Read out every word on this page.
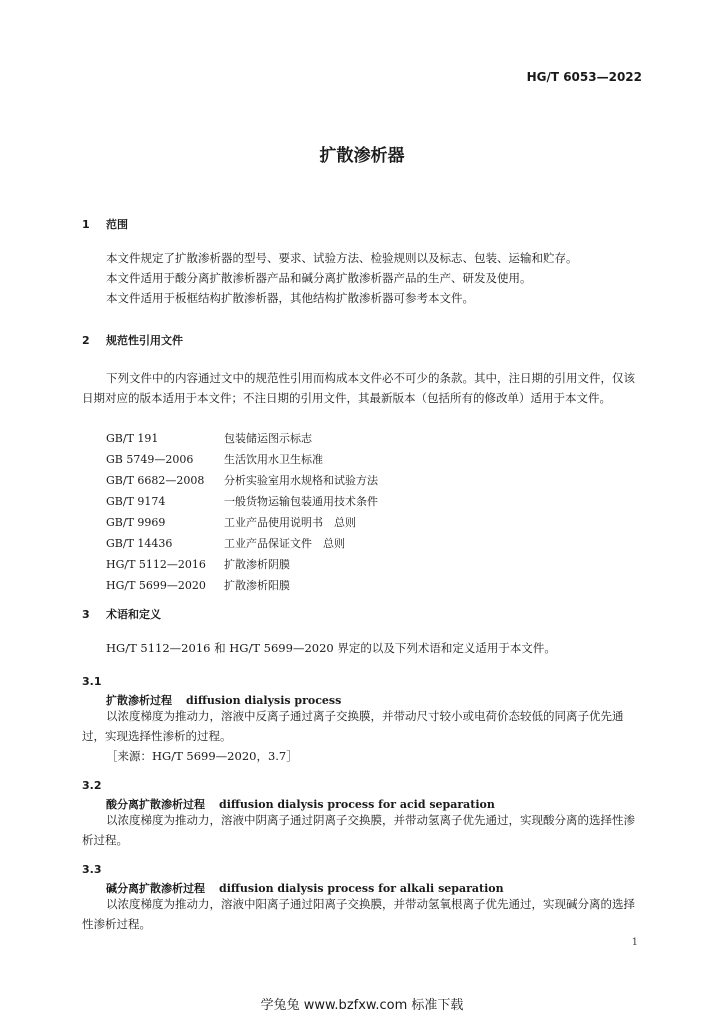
HG/T 6053—2022
扩散渗析器
1 范围
本文件规定了扩散渗析器的型号、要求、试验方法、检验规则以及标志、包装、运输和贮存。
本文件适用于酸分离扩散渗析器产品和碱分离扩散渗析器产品的生产、研发及使用。
本文件适用于板框结构扩散渗析器，其他结构扩散渗析器可参考本文件。
2 规范性引用文件
下列文件中的内容通过文中的规范性引用而构成本文件必不可少的条款。其中，注日期的引用文件，仅该日期对应的版本适用于本文件；不注日期的引用文件，其最新版本（包括所有的修改单）适用于本文件。
GB/T 191	包装储运图示标志
GB 5749—2006	生活饮用水卫生标准
GB/T 6682—2008 分析实验室用水规格和试验方法
GB/T 9174	一般货物运输包装通用技术条件
GB/T 9969	工业产品使用说明书　总则
GB/T 14436	工业产品保证文件　总则
HG/T 5112—2016 扩散渗析阴膜
HG/T 5699—2020 扩散渗析阳膜
3 术语和定义
HG/T 5112—2016 和 HG/T 5699—2020 界定的以及下列术语和定义适用于本文件。
3.1
扩散渗析过程 diffusion dialysis process
以浓度梯度为推动力，溶液中反离子通过离子交换膜，并带动尺寸较小或电荷价态较低的同离子优先通过，实现选择性渗析的过程。
［来源：HG/T 5699—2020，3.7］
3.2
酸分离扩散渗析过程 diffusion dialysis process for acid separation
以浓度梯度为推动力，溶液中阴离子通过阴离子交换膜，并带动氢离子优先通过，实现酸分离的选择性渗析过程。
3.3
碱分离扩散渗析过程 diffusion dialysis process for alkali separation
以浓度梯度为推动力，溶液中阳离子通过阳离子交换膜，并带动氢氧根离子优先通过，实现碱分离的选择性渗析过程。
1
学兔兔 www.bzfxw.com 标准下载
